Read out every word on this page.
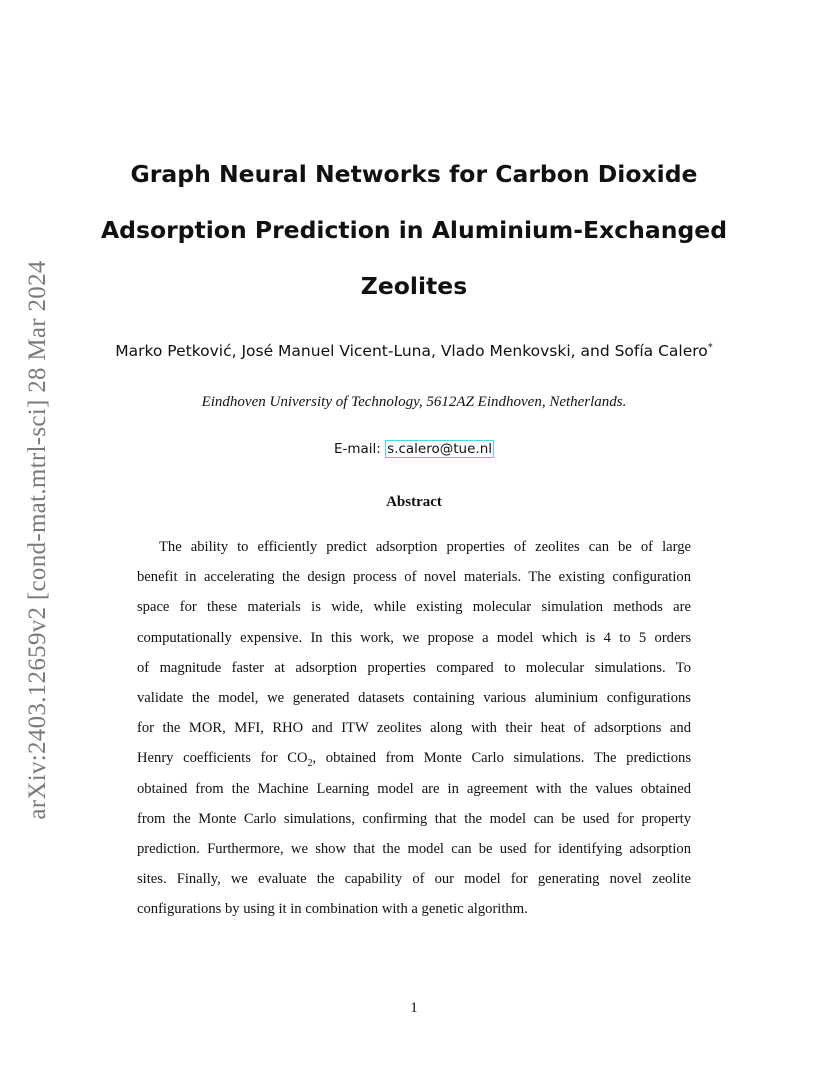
arXiv:2403.12659v2 [cond-mat.mtrl-sci] 28 Mar 2024
Graph Neural Networks for Carbon Dioxide
Adsorption Prediction in Aluminium-Exchanged
Zeolites
Marko Petković, José Manuel Vicent-Luna, Vlado Menkovski, and Sofía Calero*
Eindhoven University of Technology, 5612AZ Eindhoven, Netherlands.
E-mail: s.calero@tue.nl
Abstract
The ability to efficiently predict adsorption properties of zeolites can be of large
benefit in accelerating the design process of novel materials. The existing configuration
space for these materials is wide, while existing molecular simulation methods are
computationally expensive. In this work, we propose a model which is 4 to 5 orders
of magnitude faster at adsorption properties compared to molecular simulations. To
validate the model, we generated datasets containing various aluminium configurations
for the MOR, MFI, RHO and ITW zeolites along with their heat of adsorptions and
Henry coefficients for $CO_2$, obtained from Monte Carlo simulations. The predictions
obtained from the Machine Learning model are in agreement with the values obtained
from the Monte Carlo simulations, confirming that the model can be used for property
prediction. Furthermore, we show that the model can be used for identifying adsorption
sites. Finally, we evaluate the capability of our model for generating novel zeolite
configurations by using it in combination with a genetic algorithm.
1
